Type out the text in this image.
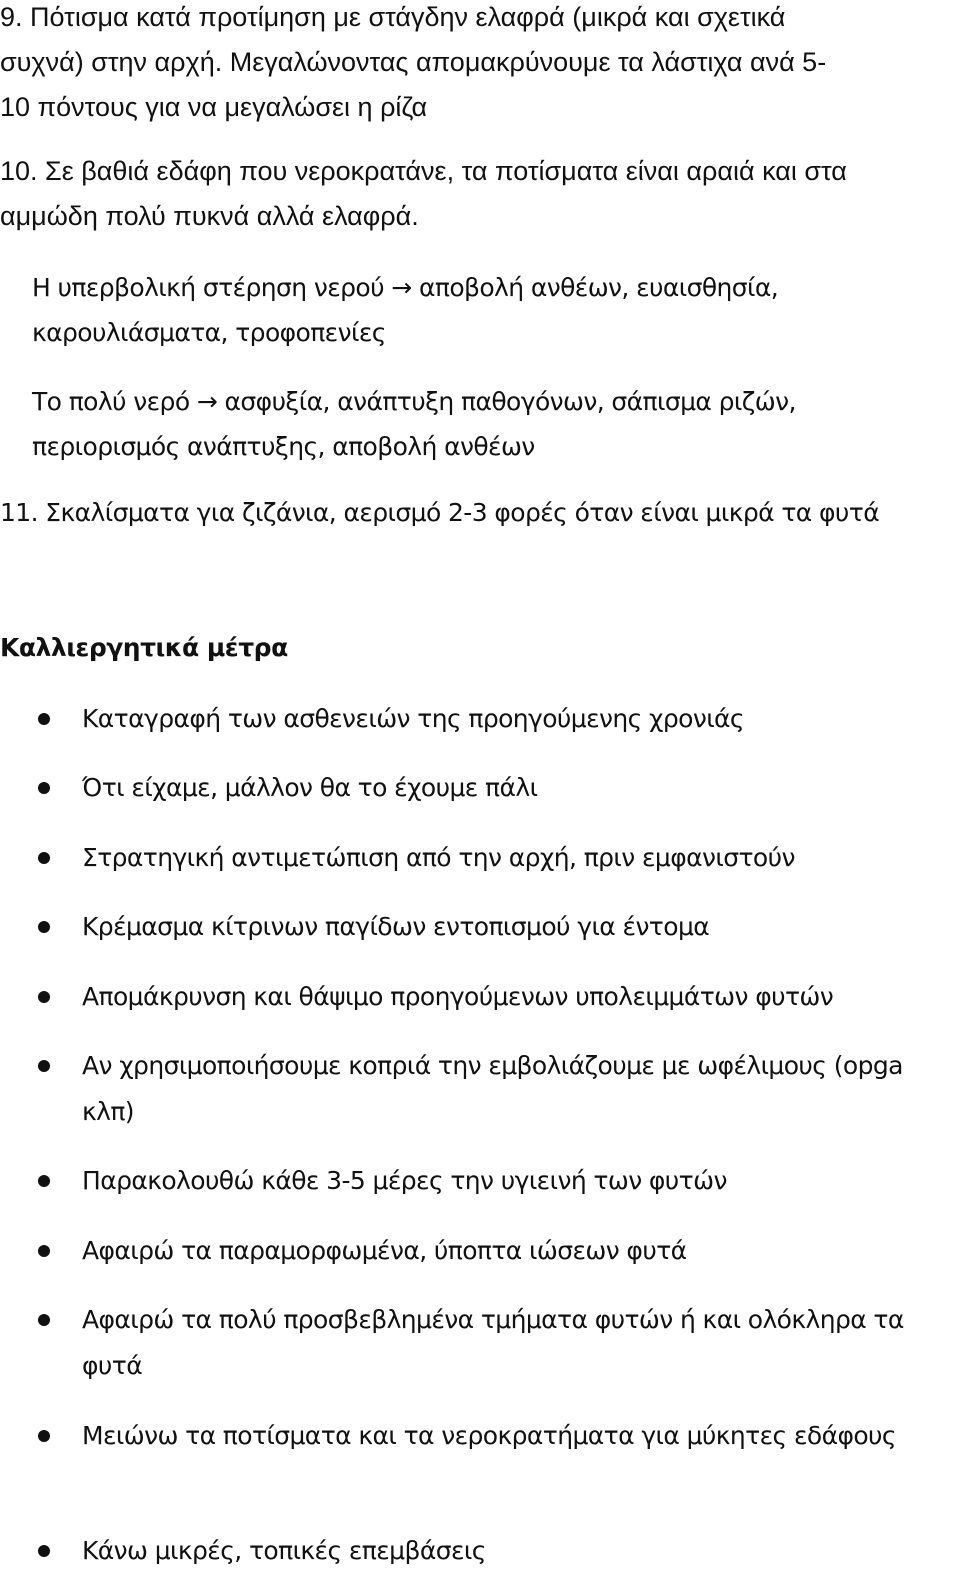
9. Πότισμα κατά προτίμηση με στάγδην ελαφρά (μικρά και σχετικά
συχνά) στην αρχή. Μεγαλώνοντας απομακρύνουμε τα λάστιχα ανά 5-
10 πόντους για να μεγαλώσει η ρίζα
10. Σε βαθιά εδάφη που νεροκρατάνε, τα ποτίσματα είναι αραιά και στα
αμμώδη πολύ πυκνά αλλά ελαφρά.
Η υπερβολική στέρηση νερού → αποβολή ανθέων, ευαισθησία,
καρουλιάσματα, τροφοπενίες
Το πολύ νερό → ασφυξία, ανάπτυξη παθογόνων, σάπισμα ριζών,
περιορισμός ανάπτυξης, αποβολή ανθέων
11. Σκαλίσματα για ζιζάνια, αερισμό 2-3 φορές όταν είναι μικρά τα φυτά
Καλλιεργητικά μέτρα
Καταγραφή των ασθενειών της προηγούμενης χρονιάς
Ότι είχαμε, μάλλον θα το έχουμε πάλι
Στρατηγική αντιμετώπιση από την αρχή, πριν εμφανιστούν
Κρέμασμα κίτρινων παγίδων εντοπισμού για έντομα
Απομάκρυνση και θάψιμο προηγούμενων υπολειμμάτων φυτών
Αν χρησιμοποιήσουμε κοπριά την εμβολιάζουμε με ωφέλιμους (opga κλπ)
Παρακολουθώ κάθε 3-5 μέρες την υγιεινή των φυτών
Αφαιρώ τα παραμορφωμένα, ύποπτα ιώσεων φυτά
Αφαιρώ τα πολύ προσβεβλημένα τμήματα φυτών ή και ολόκληρα τα φυτά
Μειώνω τα ποτίσματα και τα νεροκρατήματα για μύκητες εδάφους
Κάνω μικρές, τοπικές επεμβάσεις
